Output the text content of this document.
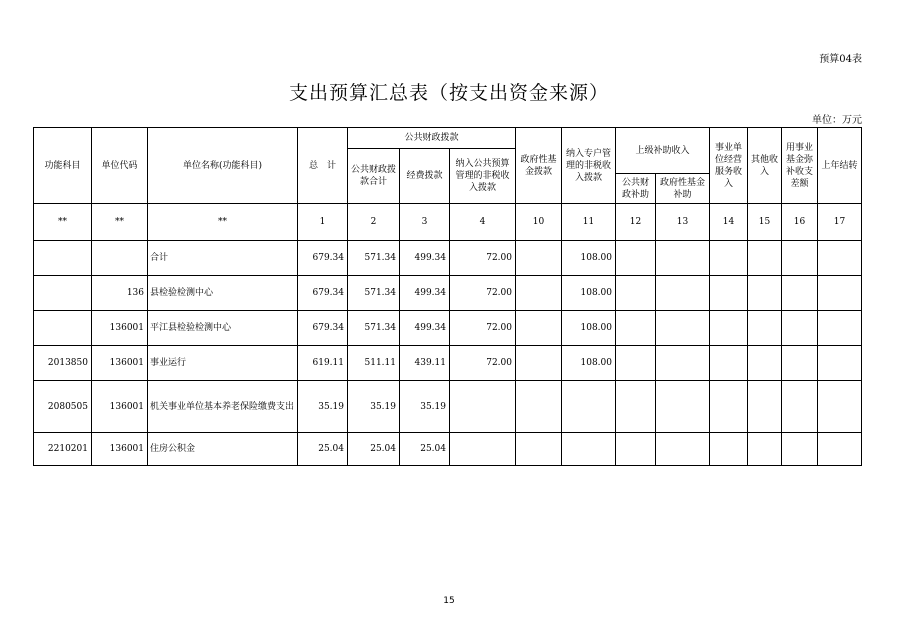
预算04表
支出预算汇总表（按支出资金来源）
单位：万元
功能科目	单位代码	单位名称(功能科目)	总　计	公共财政拨款			政府性基金拨款	纳入专户管理的非税收入拨款	上级补助收入		事业单位经营服务收入	其他收入	用事业基金弥补收支差额	上年结转
				公共财政拨款合计	经费拨款	纳入公共预算管理的非税收入拨款								
									公共财政补助	政府性基金补助				
**	**	**	1	2	3	4	10	11	12	13	14	15	16	17
		合计	679.34	571.34	499.34	72.00		108.00						
	136	县检验检测中心	679.34	571.34	499.34	72.00		108.00						
	136001	平江县检验检测中心	679.34	571.34	499.34	72.00		108.00						
2013850	136001	事业运行	619.11	511.11	439.11	72.00		108.00						
2080505	136001	机关事业单位基本养老保险缴费支出	35.19	35.19	35.19									
2210201	136001	住房公积金	25.04	25.04	25.04									
15
